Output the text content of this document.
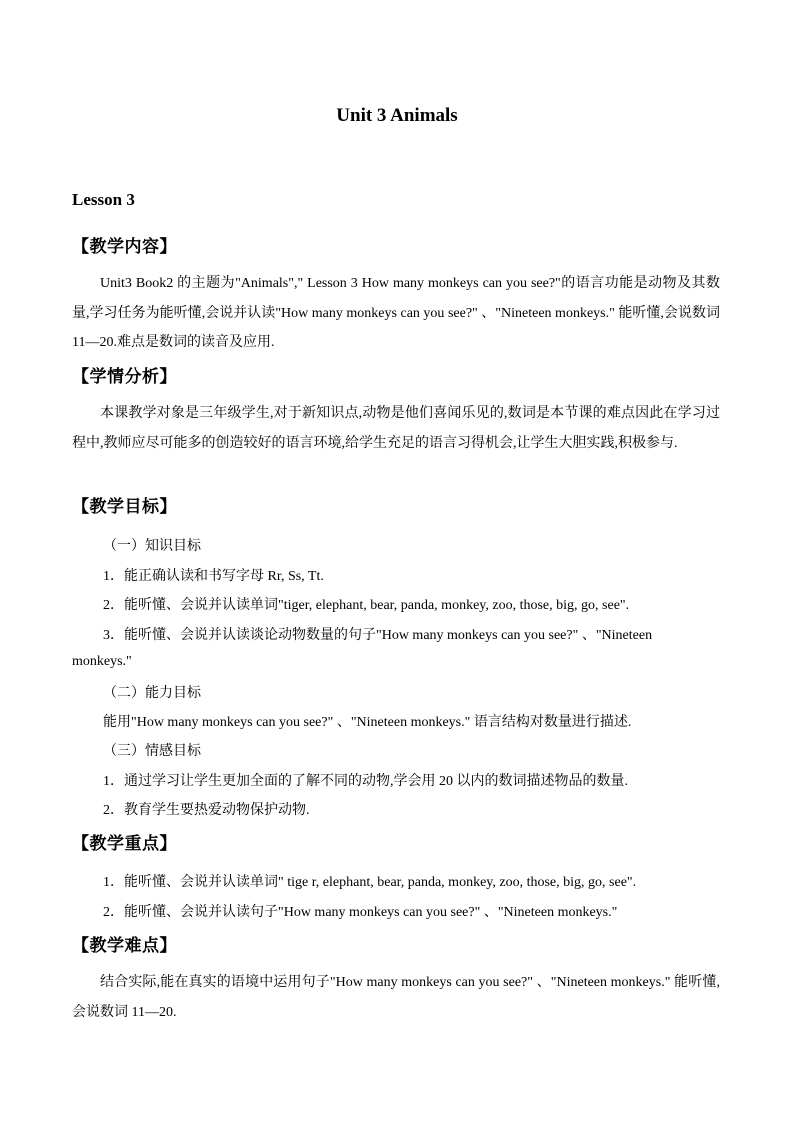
Unit 3 Animals
Lesson 3
【教学内容】

Unit3 Book2 的主题为"Animals"," Lesson 3 How many monkeys can you see?"的语言功能是动物及其数量,学习任务为能听懂,会说并认读"How many monkeys can you see?" 、"Nineteen monkeys." 能听懂,会说数词 11—20.难点是数词的读音及应用.

【学情分析】

本课教学对象是三年级学生,对于新知识点,动物是他们喜闻乐见的,数词是本节课的难点因此在学习过程中,教师应尽可能多的创造较好的语言环境,给学生充足的语言习得机会,让学生大胆实践,积极参与.

【教学目标】
（一）知识目标
1．能正确认读和书写字母 Rr, Ss, Tt.
2．能听懂、会说并认读单词"tiger, elephant, bear, panda, monkey, zoo, those, big, go, see".
3．能听懂、会说并认读谈论动物数量的句子"How many monkeys can you see?" 、"Nineteen
monkeys."
（二）能力目标
能用"How many monkeys can you see?" 、"Nineteen monkeys." 语言结构对数量进行描述.
（三）情感目标
1．通过学习让学生更加全面的了解不同的动物,学会用 20 以内的数词描述物品的数量.
2．教育学生要热爱动物保护动物.
【教学重点】
1．能听懂、会说并认读单词" tige r, elephant, bear, panda, monkey, zoo, those, big, go, see".
2．能听懂、会说并认读句子"How many monkeys can you see?" 、"Nineteen monkeys."
【教学难点】

结合实际,能在真实的语境中运用句子"How many monkeys can you see?" 、"Nineteen monkeys." 能听懂,会说数词 11—20.
